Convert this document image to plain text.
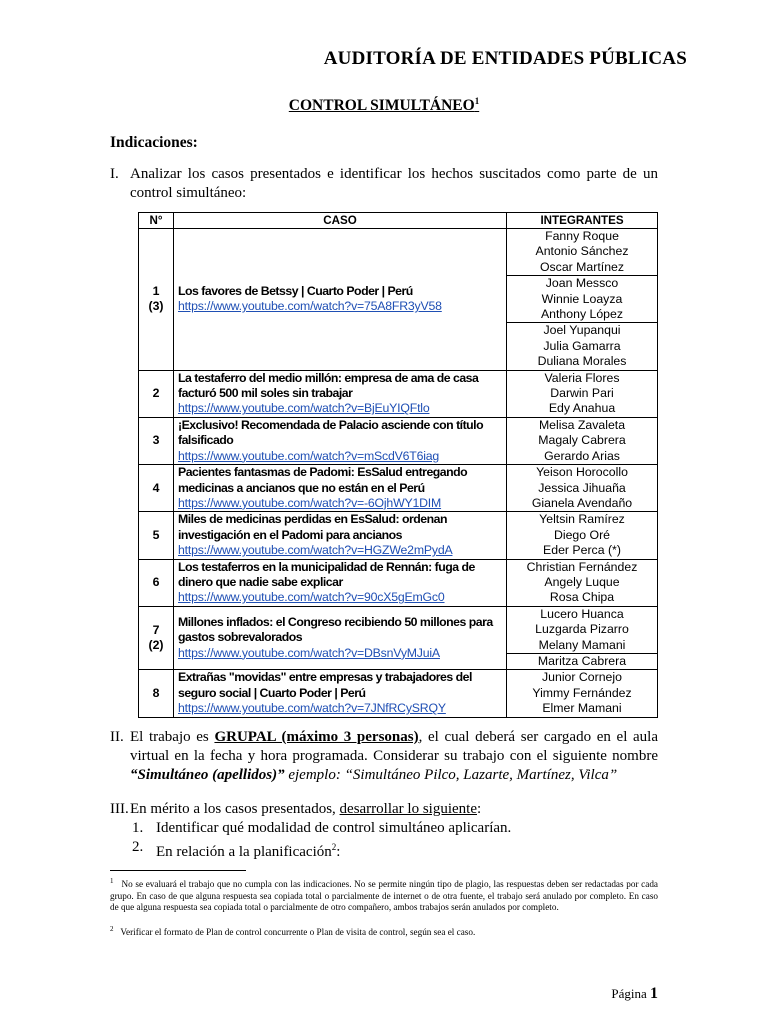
AUDITORÍA DE ENTIDADES PÚBLICAS
CONTROL SIMULTÁNEO$^1$
Indicaciones:
I. Analizar los casos presentados e identificar los hechos suscitados como parte de un control simultáneo:
N°	CASO	INTEGRANTES
1
(3)	Los favores de Betssy | Cuarto Poder | Perú
https://www.youtube.com/watch?v=75A8FR3yV58	Fanny Roque
Antonio Sánchez
Oscar Martínez

		Joan Messco
Winnie Loayza
Anthony López

		Joel Yupanqui
Julia Gamarra
Duliana Morales

2	La testaferro del medio millón: empresa de ama de casa facturó 500 mil soles sin trabajar
https://www.youtube.com/watch?v=BjEuYIQFtlo	Valeria Flores
Darwin Pari
Edy Anahua

3	¡Exclusivo! Recomendada de Palacio asciende con título falsificado
https://www.youtube.com/watch?v=mScdV6T6iag	Melisa Zavaleta
Magaly Cabrera
Gerardo Arias

4	Pacientes fantasmas de Padomi: EsSalud entregando medicinas a ancianos que no están en el Perú
https://www.youtube.com/watch?v=-6OjhWY1DIM	Yeison Horocollo
Jessica Jihuaña
Gianela Avendaño

5	Miles de medicinas perdidas en EsSalud: ordenan investigación en el Padomi para ancianos
https://www.youtube.com/watch?v=HGZWe2mPydA	Yeltsin Ramírez
Diego Oré
Eder Perca (*)

6	Los testaferros en la municipalidad de Rennán: fuga de dinero que nadie sabe explicar
https://www.youtube.com/watch?v=90cX5gEmGc0	Christian Fernández
Angely Luque
Rosa Chipa

7
(2)	Millones inflados: el Congreso recibiendo 50 millones para gastos sobrevalorados
https://www.youtube.com/watch?v=DBsnVyMJuiA	Lucero Huanca
Luzgarda Pizarro
Melany Mamani

		Maritza Cabrera

8	Extrañas "movidas" entre empresas y trabajadores del seguro social | Cuarto Poder | Perú
https://www.youtube.com/watch?v=7JNfRCySRQY	Junior Cornejo
Yimmy Fernández
Elmer Mamani
II. El trabajo es GRUPAL (máximo 3 personas), el cual deberá ser cargado en el aula virtual en la fecha y hora programada. Considerar su trabajo con el siguiente nombre “Simultáneo (apellidos)” ejemplo: “Simultáneo Pilco, Lazarte, Martínez, Vilca”
III. En mérito a los casos presentados, desarrollar lo siguiente:
1. Identificar qué modalidad de control simultáneo aplicarían.
2. En relación a la planificación$^2$:
$^1$ No se evaluará el trabajo que no cumpla con las indicaciones. No se permite ningún tipo de plagio, las respuestas deben ser redactadas por cada grupo. En caso de que alguna respuesta sea copiada total o parcialmente de internet o de otra fuente, el trabajo será anulado por completo. En caso de que alguna respuesta sea copiada total o parcialmente de otro compañero, ambos trabajos serán anulados por completo.
$^2$ Verificar el formato de Plan de control concurrente o Plan de visita de control, según sea el caso.
Página 1
